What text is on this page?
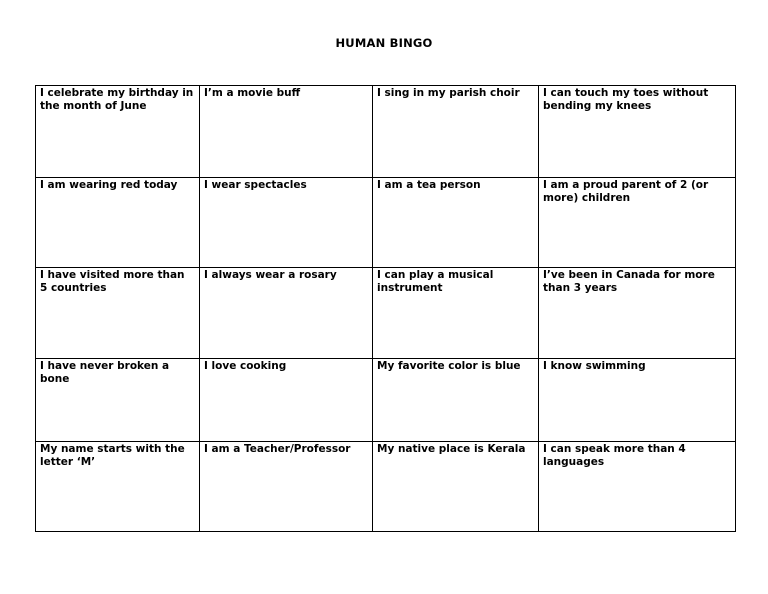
HUMAN BINGO
I celebrate my birthday in the month of June	I’m a movie buff	I sing in my parish choir	I can touch my toes without bending my knees
I am wearing red today	I wear spectacles	I am a tea person	I am a proud parent of 2 (or more) children
I have visited more than 5 countries	I always wear a rosary	I can play a musical instrument	I’ve been in Canada for more than 3 years
I have never broken a bone	I love cooking	My favorite color is blue	I know swimming
My name starts with the letter ‘M’	I am a Teacher/Professor	My native place is Kerala	I can speak more than 4 languages
